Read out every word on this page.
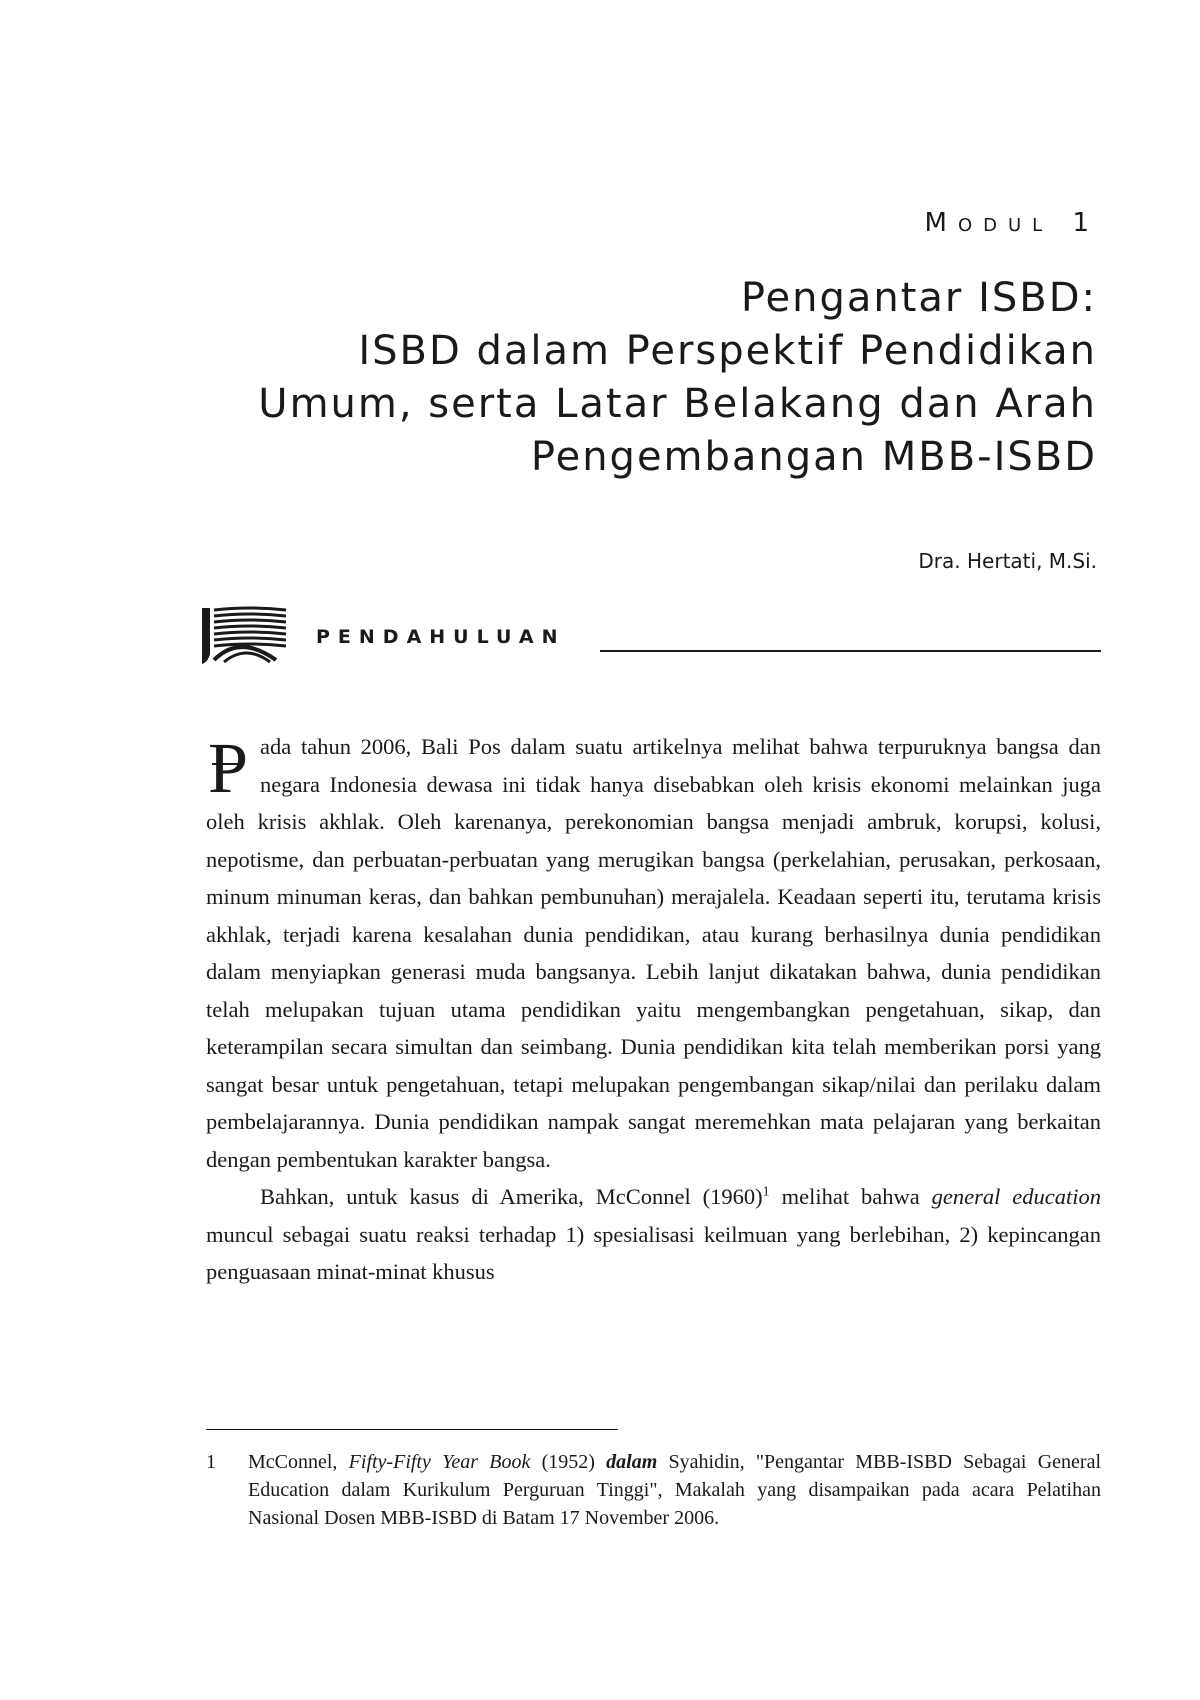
Modul 1
Pengantar ISBD:
ISBD dalam Perspektif Pendidikan
Umum, serta Latar Belakang dan Arah
Pengembangan MBB-ISBD
Dra. Hertati, M.Si.
PENDAHULUAN

P ada tahun 2006, Bali Pos dalam suatu artikelnya melihat bahwa terpuruknya bangsa dan negara Indonesia dewasa ini tidak hanya disebabkan oleh krisis ekonomi melainkan juga oleh krisis akhlak. Oleh karenanya, perekonomian bangsa menjadi ambruk, korupsi, kolusi, nepotisme, dan perbuatan-perbuatan yang merugikan bangsa (perkelahian, perusakan, perkosaan, minum minuman keras, dan bahkan pembunuhan) merajalela. Keadaan seperti itu, terutama krisis akhlak, terjadi karena kesalahan dunia pendidikan, atau kurang berhasilnya dunia pendidikan dalam menyiapkan generasi muda bangsanya. Lebih lanjut dikatakan bahwa, dunia pendidikan telah melupakan tujuan utama pendidikan yaitu mengembangkan pengetahuan, sikap, dan keterampilan secara simultan dan seimbang. Dunia pendidikan kita telah memberikan porsi yang sangat besar untuk pengetahuan, tetapi melupakan pengembangan sikap/nilai dan perilaku dalam pembelajarannya. Dunia pendidikan nampak sangat meremehkan mata pelajaran yang berkaitan dengan pembentukan karakter bangsa.

Bahkan, untuk kasus di Amerika, McConnel $(1960)^1$ melihat bahwa general education muncul sebagai suatu reaksi terhadap 1) spesialisasi keilmuan yang berlebihan, 2) kepincangan penguasaan minat-minat khusus

1 McConnel, Fifty-Fifty Year Book (1952) dalam Syahidin, "Pengantar MBB-ISBD Sebagai General Education dalam Kurikulum Perguruan Tinggi", Makalah yang disampaikan pada acara Pelatihan Nasional Dosen MBB-ISBD di Batam 17 November 2006.
